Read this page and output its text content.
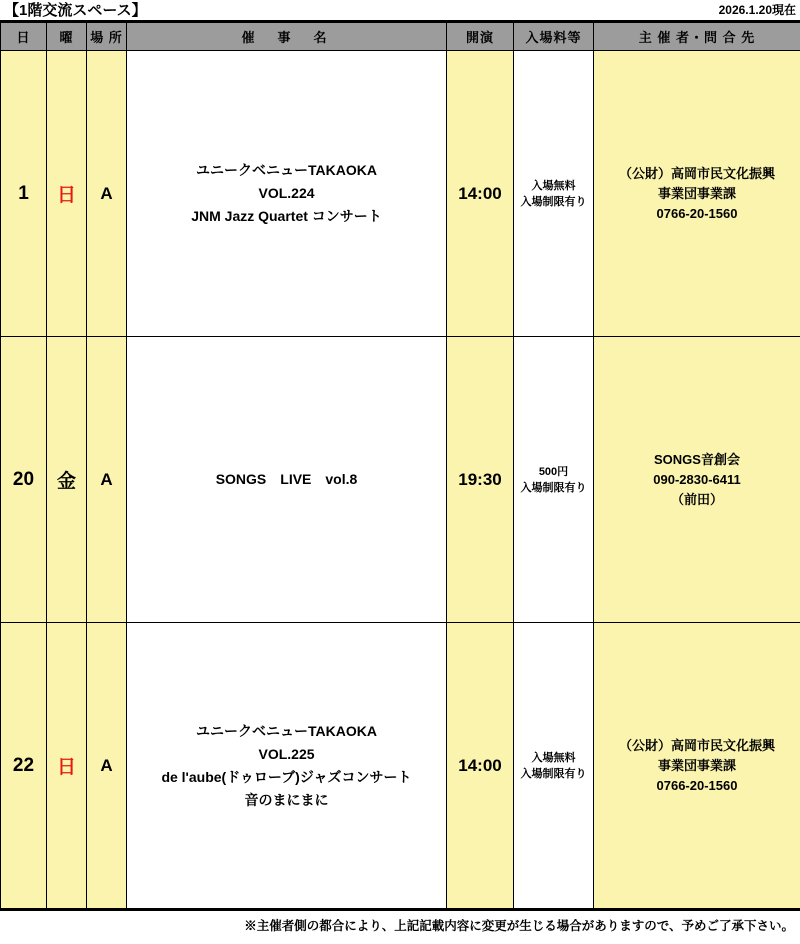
【1階交流スペース】	2026.1.20現在
日	曜	場 所	催　事　名	開演	入場料等	主 催 者・問 合 先
1	日	A	ユニークベニューTAKAOKA
VOL.224
JNM Jazz Quartet コンサート	14:00	入場無料
入場制限有り	（公財）高岡市民文化振興
事業団事業課
0766-20-1560

20	金	A	SONGS　LIVE　vol.8	19:30	500円
入場制限有り	SONGS音創会
090-2830-6411
（前田）

22	日	A	ユニークベニューTAKAOKA
VOL.225
de l'aube(ドゥローブ)ジャズコンサート
音のまにまに	14:00	入場無料
入場制限有り	（公財）高岡市民文化振興
事業団事業課
0766-20-1560
※主催者側の都合により、上記記載内容に変更が生じる場合がありますので、予めご了承下さい。
